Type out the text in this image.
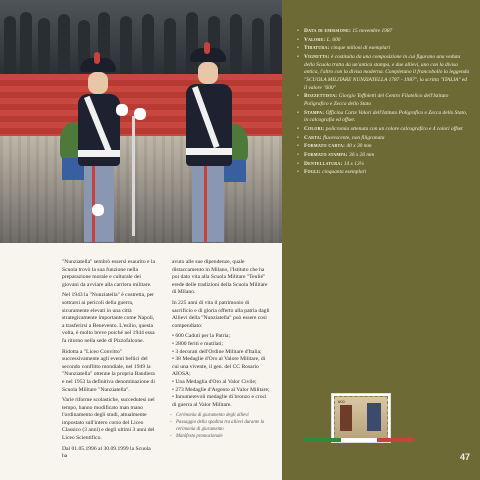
• Data di emissione: 15 novembre 1987
• Valore: L. 600
• Tiratura: cinque milioni di esemplari
• Vignetta: è costituita da una composizione in cui figurano una veduta della Scuola tratta da un'antica stampa, e due allievi, uno con la divisa antica, l'altro con la divisa moderna. Completano il francobollo la leggenda "SCUOLA MILITARE NUNZIATELLA 1787 - 1987", la scritta "ITALIA" ed il valore "600"
• Bozzettista: Giorgio Toffoletti del Centro Filatelico dell'Istituto Poligrafico e Zecca dello Stato
• Stampa: Officina Carte Valori dell'Istituto Poligrafico e Zecca dello Stato, in calcografia ed offset.
• Colori: policromia ottenuta con un colore calcografico e 4 colori offset
• Carta: fluorescente, non filigranata
• Formato carta: 40 x 30 mm
• Formato stampa: 36 x 26 mm
• Dentellatura: 14 x 13¼
• Fogli: cinquanta esemplari
600
47

"Nunziatella" sembrò essersi esaurito e la Scuola trovò la sua funzione nella preparazione morale e culturale dei giovani da avviare alla carriera militare.

Nel 1943 la "Nunziatella" è costretta, per sottrarsi ai pericoli della guerra, sicuramente elevati in una città strategicamente importante come Napoli, a trasferirsi a Benevento. L'esilio, questa volta, è molto breve poiché nel 1944 essa fa ritorno nella sede di Pizzofalcone.

Ridotta a "Liceo Convitto" successivamente agli eventi bellici del secondo conflitto mondiale, nel 1949 la "Nunziatella" ottenne la propria Bandiera e nel 1953 la definitiva denominazione di Scuola Militare "Nunziatella".

Varie riforme scolastiche, succedutesi nel tempo, hanno modificato man mano l'ordinamento degli studi, attualmente impostato sull'intero corso del Liceo Classico (3 anni) e degli ultimi 3 anni del Liceo Scientifico.

Dal 01.05.1996 al 30.09.1999 la Scuola ha

avuto alle sue dipendenze, quale distaccamento in Milano, l'Istituto che ha poi dato vita alla Scuola Militare "Teulié" erede delle tradizioni della Scuola Militare di Milano.

In 225 anni di vita il patrimonio di sacrificio e di gloria offerto alla patria dagli Allievi della "Nunziatella" può essere così compendiato:

• 600 Caduti per la Patria;
• 2800 feriti e mutilati;
• 3 decorati dell'Ordine Militare d'Italia;
• 38 Medaglie d'Oro al Valore Militare, di cui una vivente, il gen. del CC Rosario AIOSA;
• Una Medaglia d'Oro al Valor Civile;
• 273 Medaglie d'Argento al Valor Militare;
• Innumerevoli medaglie di bronzo e croci di guerra al Valor Militare.
- Cerimonia di giuramento degli allievi
- Passaggio della spadina tra allievi durante la cerimonia di giuramento
- Manifesto promozionale
